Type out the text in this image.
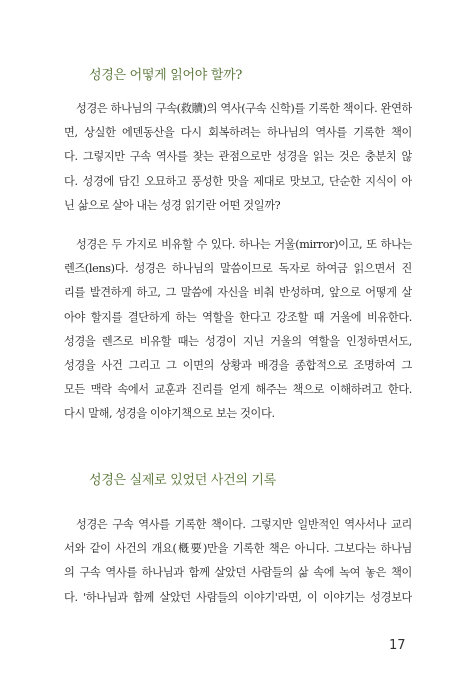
성경은 어떻게 읽어야 할까?
성경은 하나님의 구속(救贖)의 역사(구속 신학)를 기록한 책이다. 완연하
면, 상실한 에덴동산을 다시 회복하려는 하나님의 역사를 기록한 책이
다. 그렇지만 구속 역사를 찾는 관점으로만 성경을 읽는 것은 충분치 않
다. 성경에 담긴 오묘하고 풍성한 맛을 제대로 맛보고, 단순한 지식이 아
닌 삶으로 살아 내는 성경 읽기란 어떤 것일까?
성경은 두 가지로 비유할 수 있다. 하나는 거울(mirror)이고, 또 하나는
렌즈(lens)다. 성경은 하나님의 말씀이므로 독자로 하여금 읽으면서 진
리를 발견하게 하고, 그 말씀에 자신을 비춰 반성하며, 앞으로 어떻게 살
아야 할지를 결단하게 하는 역할을 한다고 강조할 때 거울에 비유한다.
성경을 렌즈로 비유할 때는 성경이 지닌 거울의 역할을 인정하면서도,
성경을 사건 그리고 그 이면의 상황과 배경을 종합적으로 조명하여 그
모든 맥락 속에서 교훈과 진리를 얻게 해주는 책으로 이해하려고 한다.
다시 말해, 성경을 이야기책으로 보는 것이다.
성경은 실제로 있었던 사건의 기록
성경은 구속 역사를 기록한 책이다. 그렇지만 일반적인 역사서나 교리
서와 같이 사건의 개요(槪要)만을 기록한 책은 아니다. 그보다는 하나님
의 구속 역사를 하나님과 함께 살았던 사람들의 삶 속에 녹여 놓은 책이
다. '하나님과 함께 살았던 사람들의 이야기'라면, 이 이야기는 성경보다
17
